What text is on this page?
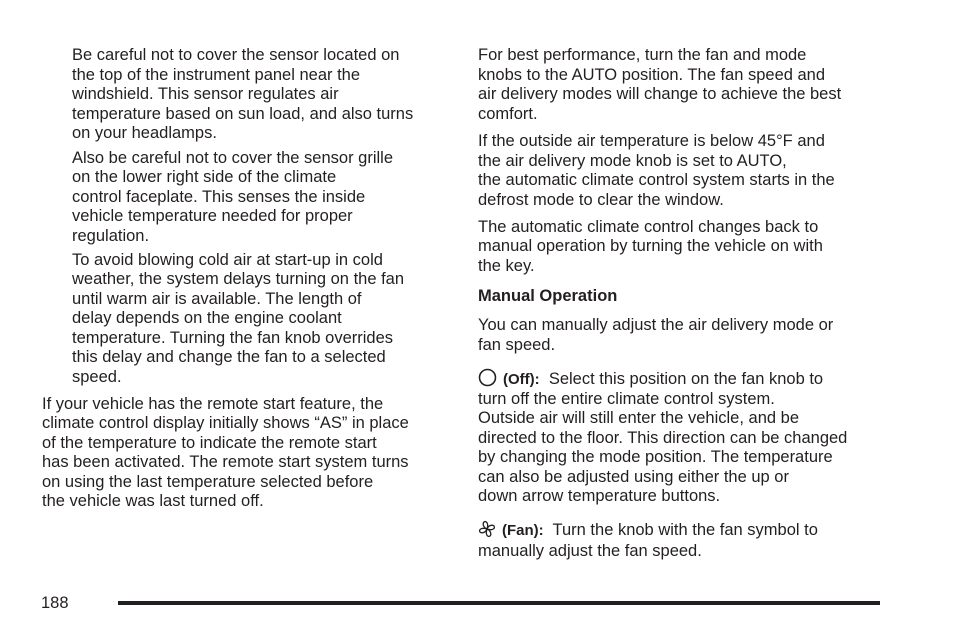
Be careful not to cover the sensor located on
the top of the instrument panel near the
windshield. This sensor regulates air
temperature based on sun load, and also turns
on your headlamps.
Also be careful not to cover the sensor grille
on the lower right side of the climate
control faceplate. This senses the inside
vehicle temperature needed for proper
regulation.
To avoid blowing cold air at start-up in cold
weather, the system delays turning on the fan
until warm air is available. The length of
delay depends on the engine coolant
temperature. Turning the fan knob overrides
this delay and change the fan to a selected
speed.
If your vehicle has the remote start feature, the
climate control display initially shows “AS” in place
of the temperature to indicate the remote start
has been activated. The remote start system turns
on using the last temperature selected before
the vehicle was last turned off.
For best performance, turn the fan and mode
knobs to the AUTO position. The fan speed and
air delivery modes will change to achieve the best
comfort.
If the outside air temperature is below 45°F and
the air delivery mode knob is set to AUTO,
the automatic climate control system starts in the
defrost mode to clear the window.
The automatic climate control changes back to
manual operation by turning the vehicle on with
the key.
Manual Operation
You can manually adjust the air delivery mode or
fan speed.
(Off): Select this position on the fan knob to
turn off the entire climate control system.
Outside air will still enter the vehicle, and be
directed to the floor. This direction can be changed
by changing the mode position. The temperature
can also be adjusted using either the up or
down arrow temperature buttons.
(Fan): Turn the knob with the fan symbol to
manually adjust the fan speed.
188
